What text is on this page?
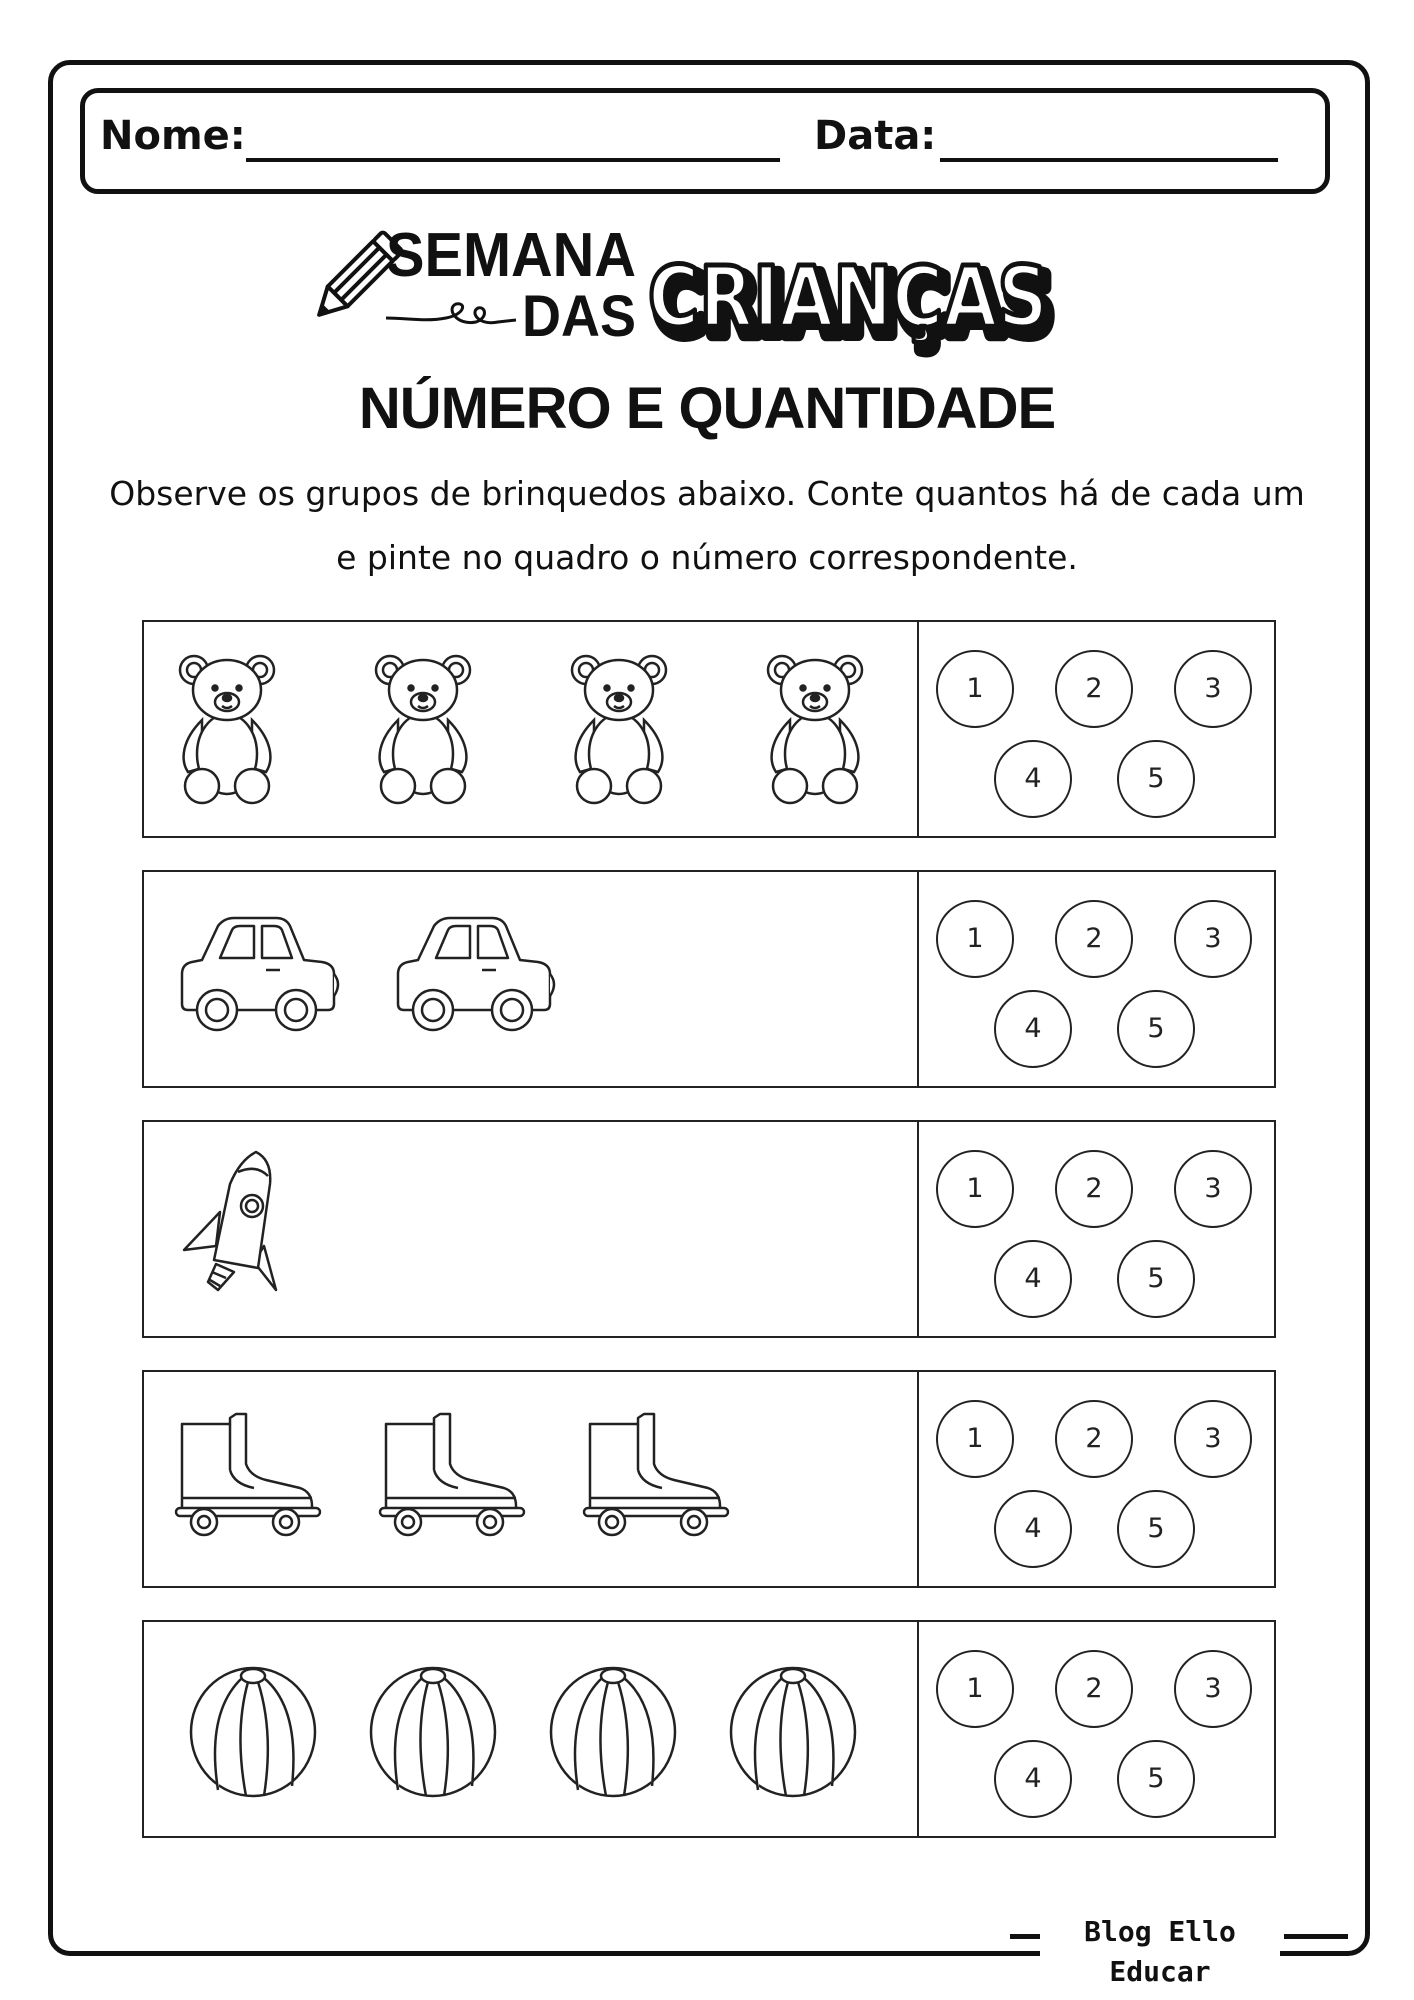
Nome:	Data:
SEMANA
DAS CRIANÇAS
CRIANÇAS
NÚMERO E QUANTIDADE
Observe os grupos de brinquedos abaixo. Conte quantos há de cada um e pinte no quadro o número correspondente.
1	2	3
4	5
1	2	3
4	5
1	2	3
4	5
1	2	3
4	5
1	2	3
4	5
Blog Ello Educar
